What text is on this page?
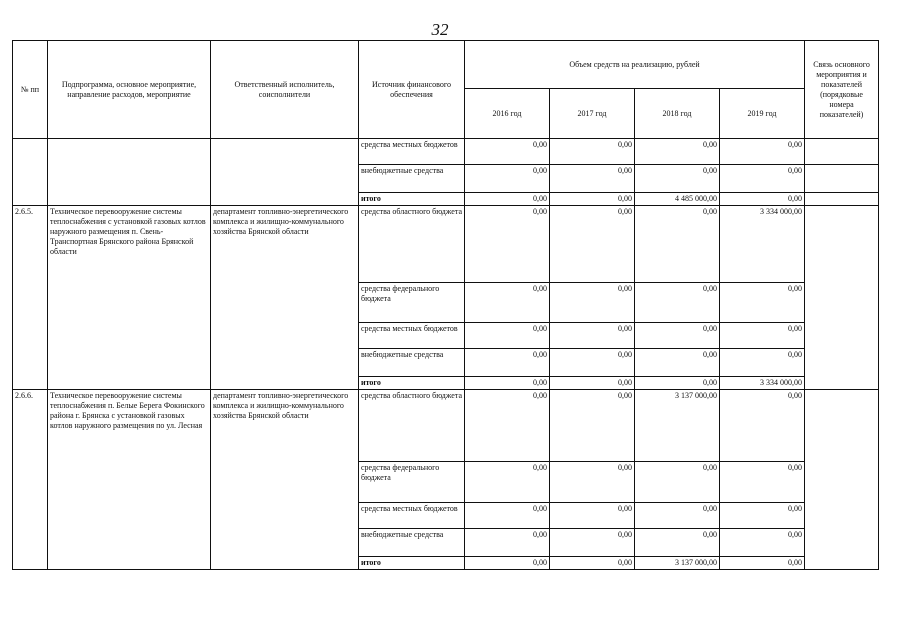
32
№ пп	Подпрограмма, основное мероприятие, направление расходов, мероприятие	Ответственный исполнитель, соисполнители	Источник финансового обеспечения	Объем средств на реализацию, рублей				Связь основного мероприятия и показателей (порядковые номера показателей)
				2016 год	2017 год	2018 год	2019 год	
			средства местных бюджетов	0,00	0,00	0,00	0,00	
			внебюджетные средства	0,00	0,00	0,00	0,00	
			итого	0,00	0,00	4 485 000,00	0,00	
2.6.5.	Техническое перевооружение системы теплоснабжения с установкой газовых котлов наружного размещения п. Свень-Транспортная Брянского района Брянской области	департамент топливно-энергетического комплекса и жилищно-коммунального хозяйства Брянской области	средства областного бюджета	0,00	0,00	0,00	3 334 000,00	
			средства федерального бюджета	0,00	0,00	0,00	0,00	
			средства местных бюджетов	0,00	0,00	0,00	0,00	
			внебюджетные средства	0,00	0,00	0,00	0,00	
			итого	0,00	0,00	0,00	3 334 000,00	
2.6.6.	Техническое перевооружение системы теплоснабжения п. Белые Берега Фокинского района г. Брянска с установкой газовых котлов наружного размещения по ул. Лесная	департамент топливно-энергетического комплекса и жилищно-коммунального хозяйства Брянской области	средства областного бюджета	0,00	0,00	3 137 000,00	0,00	
			средства федерального бюджета	0,00	0,00	0,00	0,00	
			средства местных бюджетов	0,00	0,00	0,00	0,00	
			внебюджетные средства	0,00	0,00	0,00	0,00	
			итого	0,00	0,00	3 137 000,00	0,00	
